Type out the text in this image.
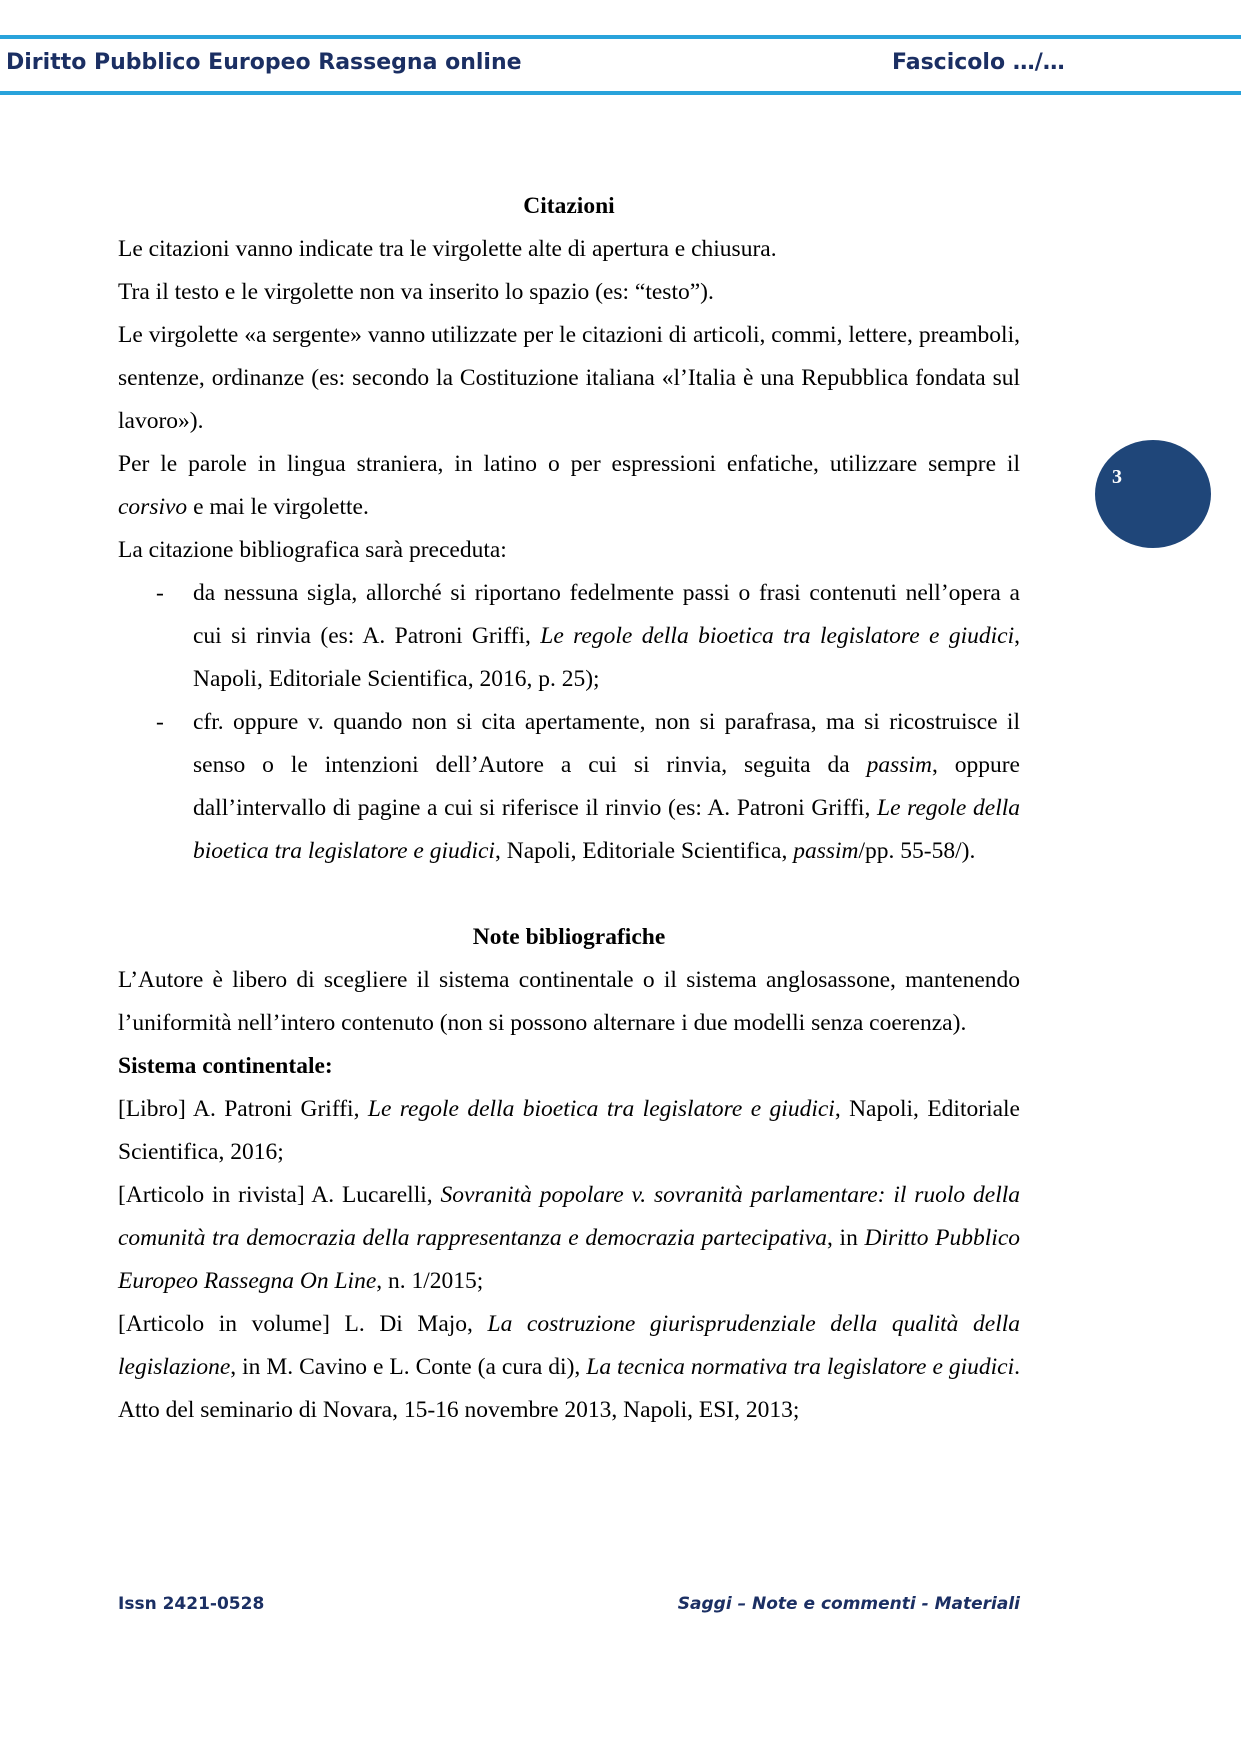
Diritto Pubblico Europeo Rassegna online	Fascicolo …/…
3
Citazioni

Le citazioni vanno indicate tra le virgolette alte di apertura e chiusura.

Tra il testo e le virgolette non va inserito lo spazio (es: “testo”).

Le virgolette «a sergente» vanno utilizzate per le citazioni di articoli, commi, lettere, preamboli, sentenze, ordinanze (es: secondo la Costituzione italiana «l’Italia è una Repubblica fondata sul lavoro»).

Per le parole in lingua straniera, in latino o per espressioni enfatiche, utilizzare sempre il corsivo e mai le virgolette.

La citazione bibliografica sarà preceduta:

- da nessuna sigla, allorché si riportano fedelmente passi o frasi contenuti nell’opera a cui si rinvia (es: A. Patroni Griffi, Le regole della bioetica tra legislatore e giudici, Napoli, Editoriale Scientifica, 2016, p. 25);
- cfr. oppure v. quando non si cita apertamente, non si parafrasa, ma si ricostruisce il senso o le intenzioni dell’Autore a cui si rinvia, seguita da passim, oppure dall’intervallo di pagine a cui si riferisce il rinvio (es: A. Patroni Griffi, Le regole della bioetica tra legislatore e giudici, Napoli, Editoriale Scientifica, passim/pp. 55-58/).
Note bibliografiche

L’Autore è libero di scegliere il sistema continentale o il sistema anglosassone, mantenendo l’uniformità nell’intero contenuto (non si possono alternare i due modelli senza coerenza).

Sistema continentale:

[Libro] A. Patroni Griffi, Le regole della bioetica tra legislatore e giudici, Napoli, Editoriale Scientifica, 2016;

[Articolo in rivista] A. Lucarelli, Sovranità popolare v. sovranità parlamentare: il ruolo della comunità tra democrazia della rappresentanza e democrazia partecipativa, in Diritto Pubblico Europeo Rassegna On Line, n. 1/2015;

[Articolo in volume] L. Di Majo, La costruzione giurisprudenziale della qualità della legislazione, in M. Cavino e L. Conte (a cura di), La tecnica normativa tra legislatore e giudici. Atto del seminario di Novara, 15-16 novembre 2013, Napoli, ESI, 2013;

Issn 2421-0528	Saggi – Note e commenti - Materiali
